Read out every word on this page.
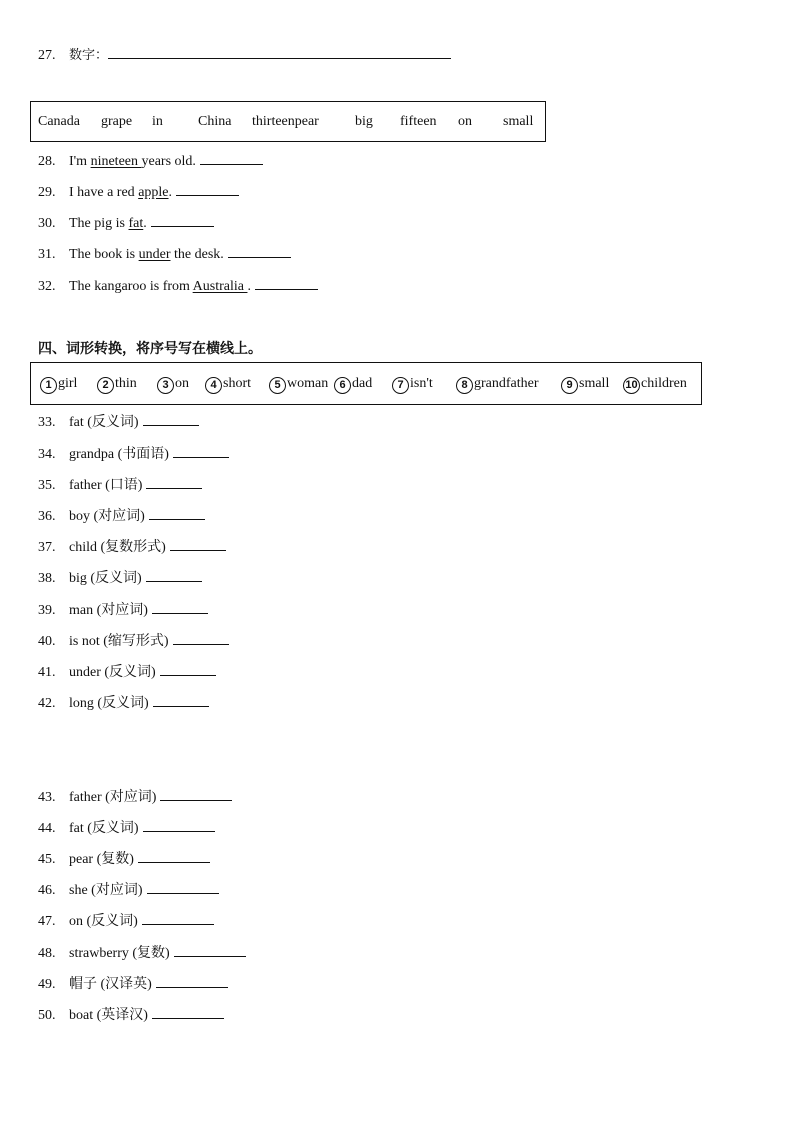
27. 数字：
Canada grape in	China thirteenpear	big fifteen on small
28. I'm nineteen years old.
29. I have a red apple.
30. The pig is fat.
31. The book is under the desk.
32. The kangaroo is from Australia .
四、词形转换，将序号写在横线上。
1 girl	2 thin	3 on	4 short	5 woman	6 dad	7 isn't	8 grandfather	9 small 10 children
33. fat (反义词)
34. grandpa (书面语)
35. father (口语)
36. boy (对应词)
37. child (复数形式)
38. big (反义词)
39. man (对应词)
40. is not (缩写形式)
41. under (反义词)
42. long (反义词)
43. father (对应词)
44. fat (反义词)
45. pear (复数)
46. she (对应词)
47. on (反义词)
48. strawberry (复数)
49. 帽子 (汉译英)
50. boat (英译汉)
